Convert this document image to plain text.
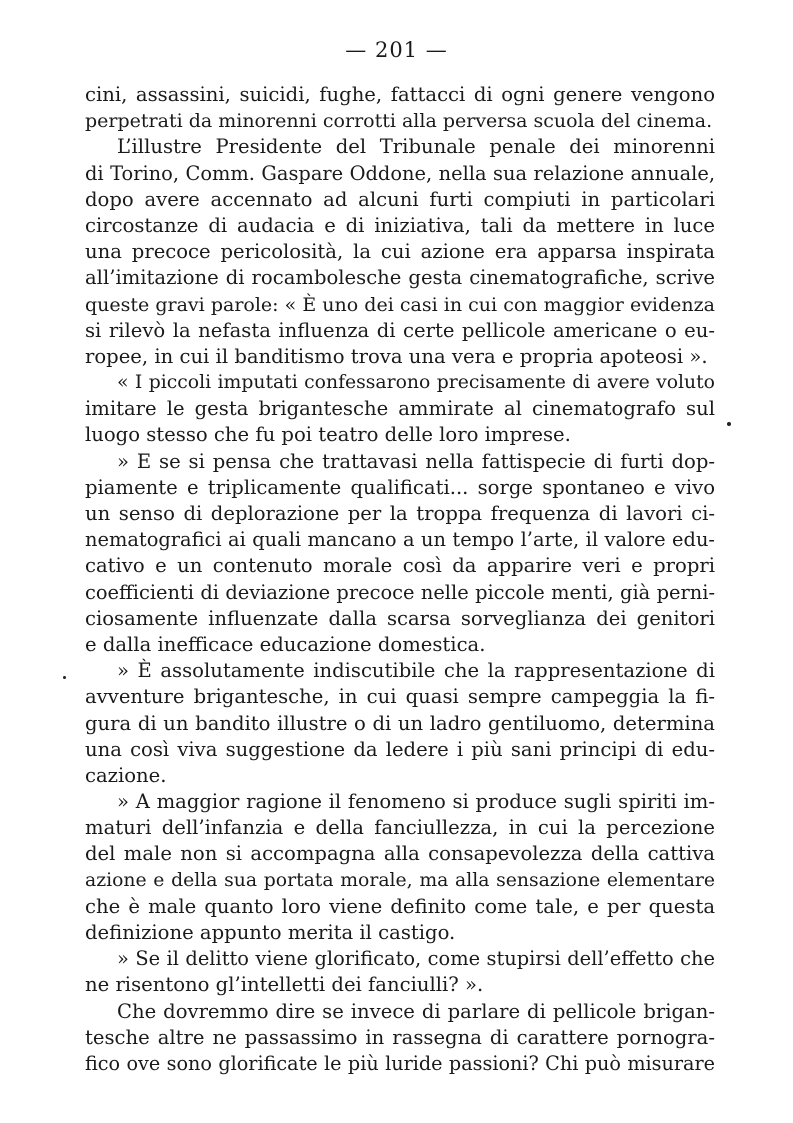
— 201 —
cini, assassini, suicidi, fughe, fattacci di ogni genere vengono
perpetrati da minorenni corrotti alla perversa scuola del cinema.
L’illustre Presidente del Tribunale penale dei minorenni
di Torino, Comm. Gaspare Oddone, nella sua relazione annuale,
dopo avere accennato ad alcuni furti compiuti in particolari
circostanze di audacia e di iniziativa, tali da mettere in luce
una precoce pericolosità, la cui azione era apparsa inspirata
all’imitazione di rocambolesche gesta cinematografiche, scrive
queste gravi parole: « È uno dei casi in cui con maggior evidenza
si rilevò la nefasta influenza di certe pellicole americane o eu-
ropee, in cui il banditismo trova una vera e propria apoteosi ».
« I piccoli imputati confessarono precisamente di avere voluto
imitare le gesta brigantesche ammirate al cinematografo sul
luogo stesso che fu poi teatro delle loro imprese.
» E se si pensa che trattavasi nella fattispecie di furti dop-
piamente e triplicamente qualificati... sorge spontaneo e vivo
un senso di deplorazione per la troppa frequenza di lavori ci-
nematografici ai quali mancano a un tempo l’arte, il valore edu-
cativo e un contenuto morale così da apparire veri e propri
coefficienti di deviazione precoce nelle piccole menti, già perni-
ciosamente influenzate dalla scarsa sorveglianza dei genitori
e dalla inefficace educazione domestica.
» È assolutamente indiscutibile che la rappresentazione di
avventure brigantesche, in cui quasi sempre campeggia la fi-
gura di un bandito illustre o di un ladro gentiluomo, determina
una così viva suggestione da ledere i più sani principi di edu-
cazione.
» A maggior ragione il fenomeno si produce sugli spiriti im-
maturi dell’infanzia e della fanciullezza, in cui la percezione
del male non si accompagna alla consapevolezza della cattiva
azione e della sua portata morale, ma alla sensazione elementare
che è male quanto loro viene definito come tale, e per questa
definizione appunto merita il castigo.
» Se il delitto viene glorificato, come stupirsi dell’effetto che
ne risentono gl’intelletti dei fanciulli? ».
Che dovremmo dire se invece di parlare di pellicole brigan-
tesche altre ne passassimo in rassegna di carattere pornogra-
fico ove sono glorificate le più luride passioni? Chi può misurare
